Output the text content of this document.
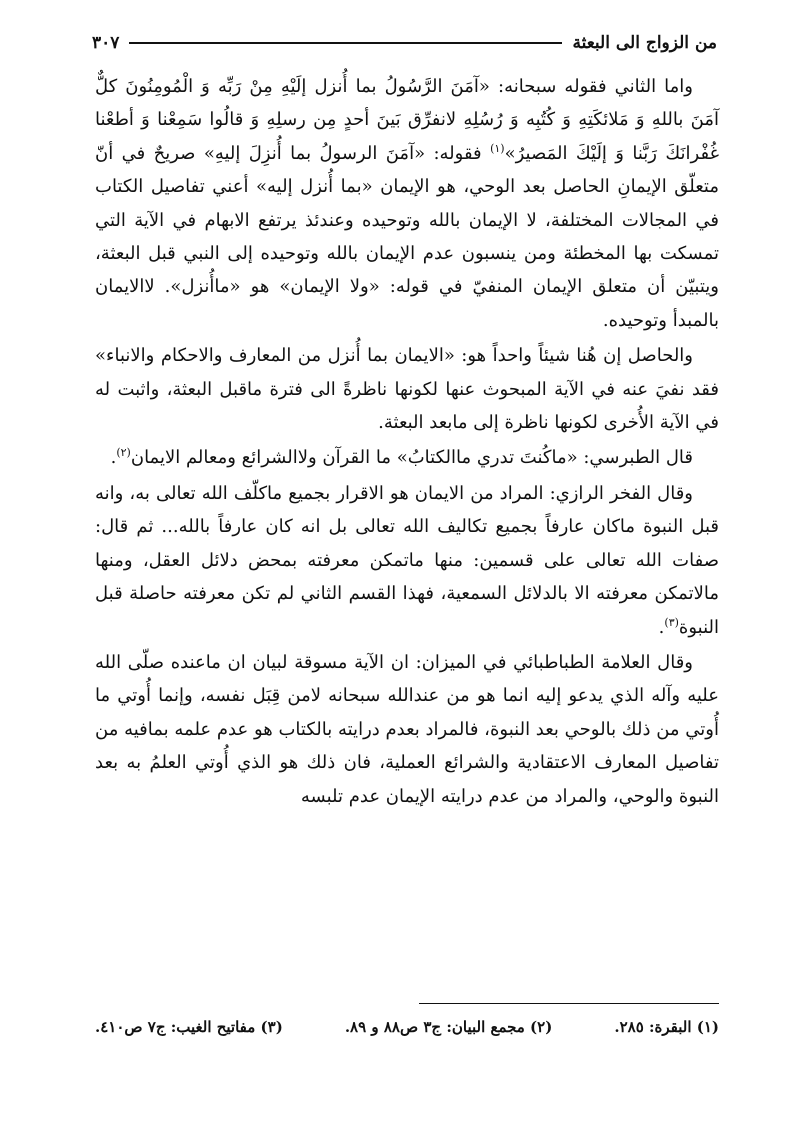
من الزواج الى البعثة
٣٠٧

واما الثاني فقوله سبحانه: «آمَنَ الرَّسُولُ بما أُنزل إلَيْهِ مِنْ رَبِّه وَ الْمُومِنُونَ كلٌّ آمَنَ باللهِ وَ مَلائكَتِهِ وَ كُتُبِه وَ رُسُلِهِ لانفرِّق بَينَ أحدٍ مِن رسلِهِ وَ قالُوا سَمِعْنا وَ أطعْنا غُفْرانَكَ رَبَّنا وَ إلَيْكَ المَصيرُ»$^{(١)}$ فقوله: «آمَنَ الرسولُ بما أُنزِلَ إليهِ» صريحٌ في أنّ متعلّق الإيمانِ الحاصل بعد الوحي، هو الإيمان «بما أُنزل إليه» أعني تفاصيل الكتاب في المجالات المختلفة، لا الإيمان بالله وتوحيده وعندئذ يرتفع الابهام في الآية التي تمسكت بها المخطئة ومن ينسبون عدم الإيمان بالله وتوحيده إلى النبي قبل البعثة، ويتبيّن أن متعلق الإيمان المنفيّ في قوله: «ولا الإيمان» هو «ماأُنزل». لاالايمان بالمبدأ وتوحيده.

والحاصل إن هُنا شيئاً واحداً هو: «الايمان بما أُنزل من المعارف والاحكام والانباء» فقد نفيَ عنه في الآية المبحوث عنها لكونها ناظرةً الى فترة ماقبل البعثة، واثبت له في الآية الأُخرى لكونها ناظرة إلى مابعد البعثة.

قال الطبرسي: «ماكُنتَ تدري ماالكتابُ» ما القرآن ولاالشرائع ومعالم الايمان$^{(٢)}$.

وقال الفخر الرازي: المراد من الايمان هو الاقرار بجميع ماكلّف الله تعالى به، وانه قبل النبوة ماكان عارفاً بجميع تكاليف الله تعالى بل انه كان عارفاً بالله... ثم قال: صفات الله تعالى على قسمين: منها ماتمكن معرفته بمحض دلائل العقل، ومنها مالاتمكن معرفته الا بالدلائل السمعية، فهذا القسم الثاني لم تكن معرفته حاصلة قبل النبوة$^{(٣)}$.

وقال العلامة الطباطبائي في الميزان: ان الآية مسوقة لبيان ان ماعنده صلّى الله عليه وآله الذي يدعو إليه انما هو من عندالله سبحانه لامن قِبَل نفسه، وإنما أُوتي ما أُوتي من ذلك بالوحي بعد النبوة، فالمراد بعدم درايته بالكتاب هو عدم علمه بمافيه من تفاصيل المعارف الاعتقادية والشرائع العملية، فان ذلك هو الذي أُوتي العلمُ به بعد النبوة والوحي، والمراد من عدم درايته الإيمان عدم تلبسه

(١) البقرة: ٢٨٥.
(٢) مجمع البيان: ج٣ ص٨٨ و ٨٩.
(٣) مفاتيح الغيب: ج٧ ص٤١٠.
